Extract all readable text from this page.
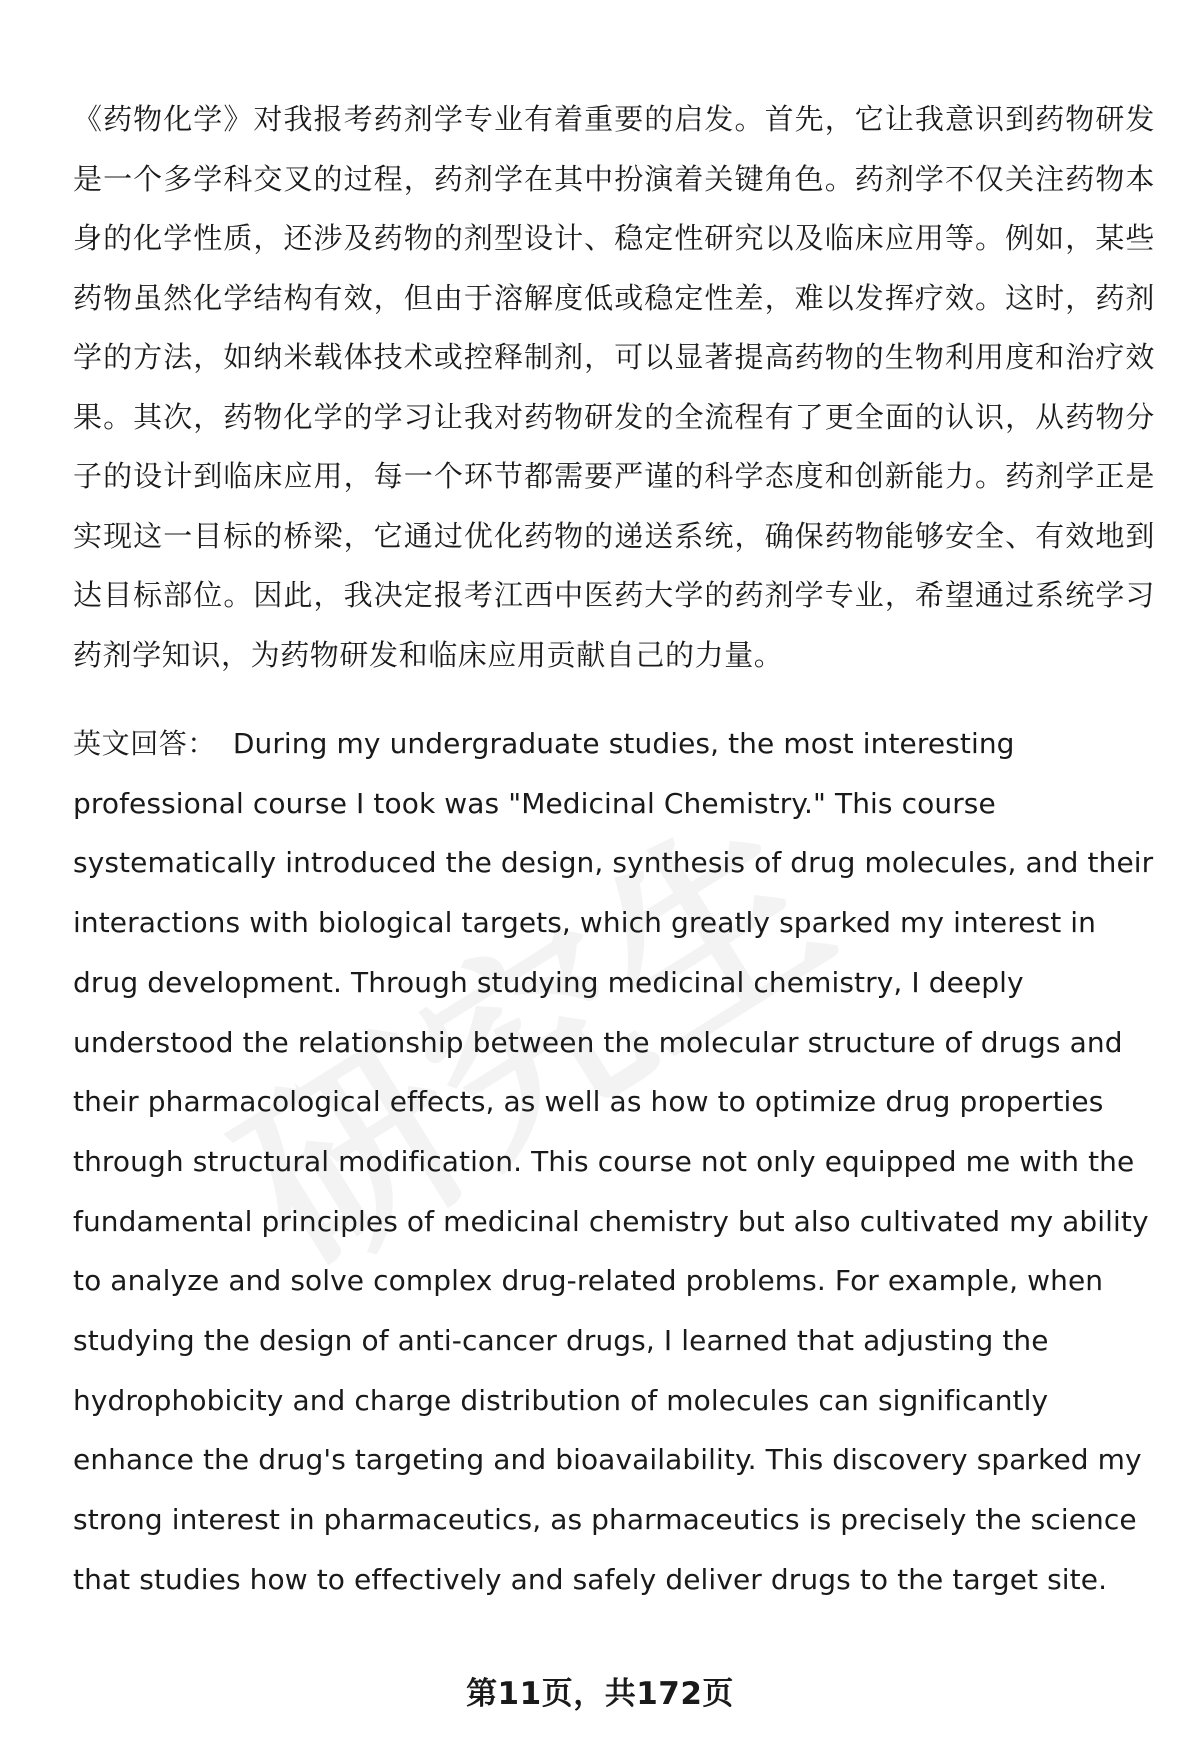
《药物化学》对我报考药剂学专业有着重要的启发。首先，它让我意识到药物研发是一个多学科交叉的过程，药剂学在其中扮演着关键角色。药剂学不仅关注药物本身的化学性质，还涉及药物的剂型设计、稳定性研究以及临床应用等。例如，某些药物虽然化学结构有效，但由于溶解度低或稳定性差，难以发挥疗效。这时，药剂学的方法，如纳米载体技术或控释制剂，可以显著提高药物的生物利用度和治疗效果。其次，药物化学的学习让我对药物研发的全流程有了更全面的认识，从药物分子的设计到临床应用，每一个环节都需要严谨的科学态度和创新能力。药剂学正是实现这一目标的桥梁，它通过优化药物的递送系统，确保药物能够安全、有效地到达目标部位。因此，我决定报考江西中医药大学的药剂学专业，希望通过系统学习药剂学知识，为药物研发和临床应用贡献自己的力量。

英文回答： During my undergraduate studies, the most interesting professional course I took was "Medicinal Chemistry." This course systematically introduced the design, synthesis of drug molecules, and their interactions with biological targets, which greatly sparked my interest in drug development. Through studying medicinal chemistry, I deeply understood the relationship between the molecular structure of drugs and their pharmacological effects, as well as how to optimize drug properties through structural modification. This course not only equipped me with the fundamental principles of medicinal chemistry but also cultivated my ability to analyze and solve complex drug-related problems. For example, when studying the design of anti-cancer drugs, I learned that adjusting the hydrophobicity and charge distribution of molecules can significantly enhance the drug's targeting and bioavailability. This discovery sparked my strong interest in pharmaceutics, as pharmaceutics is precisely the science that studies how to effectively and safely deliver drugs to the target site.

第11页，共172页
